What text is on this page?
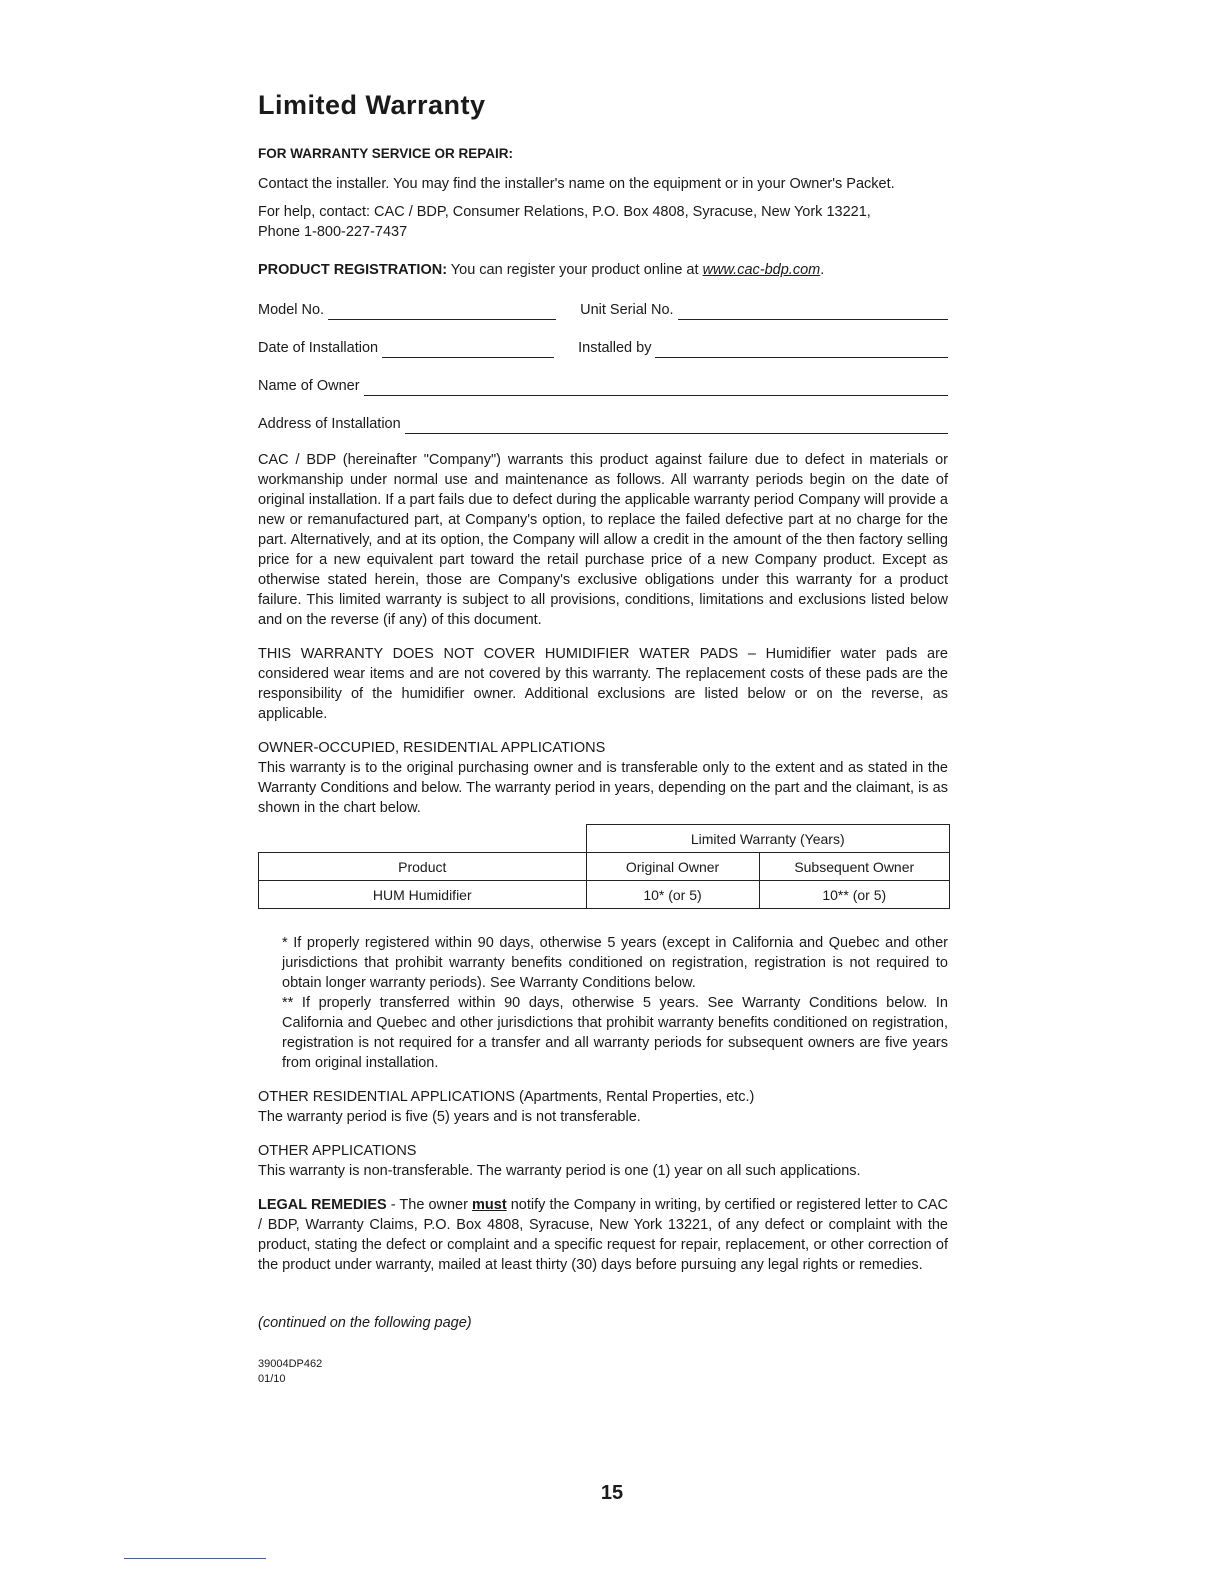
Limited Warranty
FOR WARRANTY SERVICE OR REPAIR:

Contact the installer. You may find the installer's name on the equipment or in your Owner's Packet.

For help, contact: CAC / BDP, Consumer Relations, P.O. Box 4808, Syracuse, New York 13221,

Phone 1-800-227-7437

PRODUCT REGISTRATION: You can register your product online at www.cac-bdp.com.

Model No.	Unit Serial No.
Date of Installation	Installed by
Name of Owner
Address of Installation

CAC / BDP (hereinafter "Company") warrants this product against failure due to defect in materials or workmanship under normal use and maintenance as follows. All warranty periods begin on the date of original installation. If a part fails due to defect during the applicable warranty period Company will provide a new or remanufactured part, at Company's option, to replace the failed defective part at no charge for the part. Alternatively, and at its option, the Company will allow a credit in the amount of the then factory selling price for a new equivalent part toward the retail purchase price of a new Company product. Except as otherwise stated herein, those are Company's exclusive obligations under this warranty for a product failure. This limited warranty is subject to all provisions, conditions, limitations and exclusions listed below and on the reverse (if any) of this document.

THIS WARRANTY DOES NOT COVER HUMIDIFIER WATER PADS – Humidifier water pads are considered wear items and are not covered by this warranty. The replacement costs of these pads are the responsibility of the humidifier owner. Additional exclusions are listed below or on the reverse, as applicable.

OWNER-OCCUPIED, RESIDENTIAL APPLICATIONS

This warranty is to the original purchasing owner and is transferable only to the extent and as stated in the Warranty Conditions and below. The warranty period in years, depending on the part and the claimant, is as shown in the chart below.

	Limited Warranty (Years)	
Product	Original Owner	Subsequent Owner
HUM Humidifier	10* (or 5)	10** (or 5)

* If properly registered within 90 days, otherwise 5 years (except in California and Quebec and other jurisdictions that prohibit warranty benefits conditioned on registration, registration is not required to obtain longer warranty periods). See Warranty Conditions below.

** If properly transferred within 90 days, otherwise 5 years. See Warranty Conditions below. In California and Quebec and other jurisdictions that prohibit warranty benefits conditioned on registration, registration is not required for a transfer and all warranty periods for subsequent owners are five years from original installation.

OTHER RESIDENTIAL APPLICATIONS (Apartments, Rental Properties, etc.)

The warranty period is five (5) years and is not transferable.

OTHER APPLICATIONS

This warranty is non-transferable. The warranty period is one (1) year on all such applications.

LEGAL REMEDIES - The owner must notify the Company in writing, by certified or registered letter to CAC / BDP, Warranty Claims, P.O. Box 4808, Syracuse, New York 13221, of any defect or complaint with the product, stating the defect or complaint and a specific request for repair, replacement, or other correction of the product under warranty, mailed at least thirty (30) days before pursuing any legal rights or remedies.

(continued on the following page)

39004DP462
01/10
15
